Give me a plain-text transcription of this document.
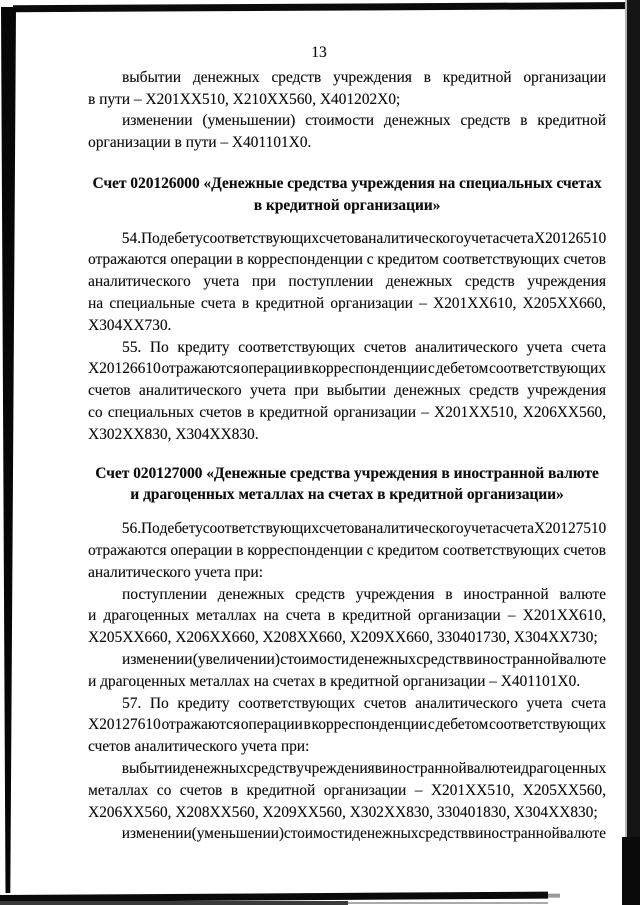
13
выбытии денежных средств учреждения в кредитной организации
в пути – Х201ХХ510, Х210ХХ560, Х401202Х0;
изменении (уменьшении) стоимости денежных средств в кредитной
организации в пути – Х401101Х0.
Счет 020126000 «Денежные средства учреждения на специальных счетах
в кредитной организации»
54. По дебету соответствующих счетов аналитического учета счета Х20126510
отражаются операции в корреспонденции с кредитом соответствующих счетов
аналитического учета при поступлении денежных средств учреждения
на специальные счета в кредитной организации – Х201ХХ610, Х205ХХ660,
Х304ХХ730.
55. По кредиту соответствующих счетов аналитического учета счета
Х20126610 отражаются операции в корреспонденции с дебетом соответствующих
счетов аналитического учета при выбытии денежных средств учреждения
со специальных счетов в кредитной организации – Х201ХХ510, Х206ХХ560,
Х302ХХ830, Х304ХХ830.
Счет 020127000 «Денежные средства учреждения в иностранной валюте
и драгоценных металлах на счетах в кредитной организации»
56. По дебету соответствующих счетов аналитического учета счета Х20127510
отражаются операции в корреспонденции с кредитом соответствующих счетов
аналитического учета при:
поступлении денежных средств учреждения в иностранной валюте
и драгоценных металлах на счета в кредитной организации – Х201ХХ610,
Х205ХХ660, Х206ХХ660, Х208ХХ660, Х209ХХ660, 330401730, Х304ХХ730;
изменении (увеличении) стоимости денежных средств в иностранной валюте
и драгоценных металлах на счетах в кредитной организации – Х401101Х0.
57. По кредиту соответствующих счетов аналитического учета счета
Х20127610 отражаются операции в корреспонденции с дебетом соответствующих
счетов аналитического учета при:
выбытии денежных средств учреждения в иностранной валюте и драгоценных
металлах со счетов в кредитной организации – Х201ХХ510, Х205ХХ560,
Х206ХХ560, Х208ХХ560, Х209ХХ560, Х302ХХ830, 330401830, Х304ХХ830;
изменении (уменьшении) стоимости денежных средств в иностранной валюте
